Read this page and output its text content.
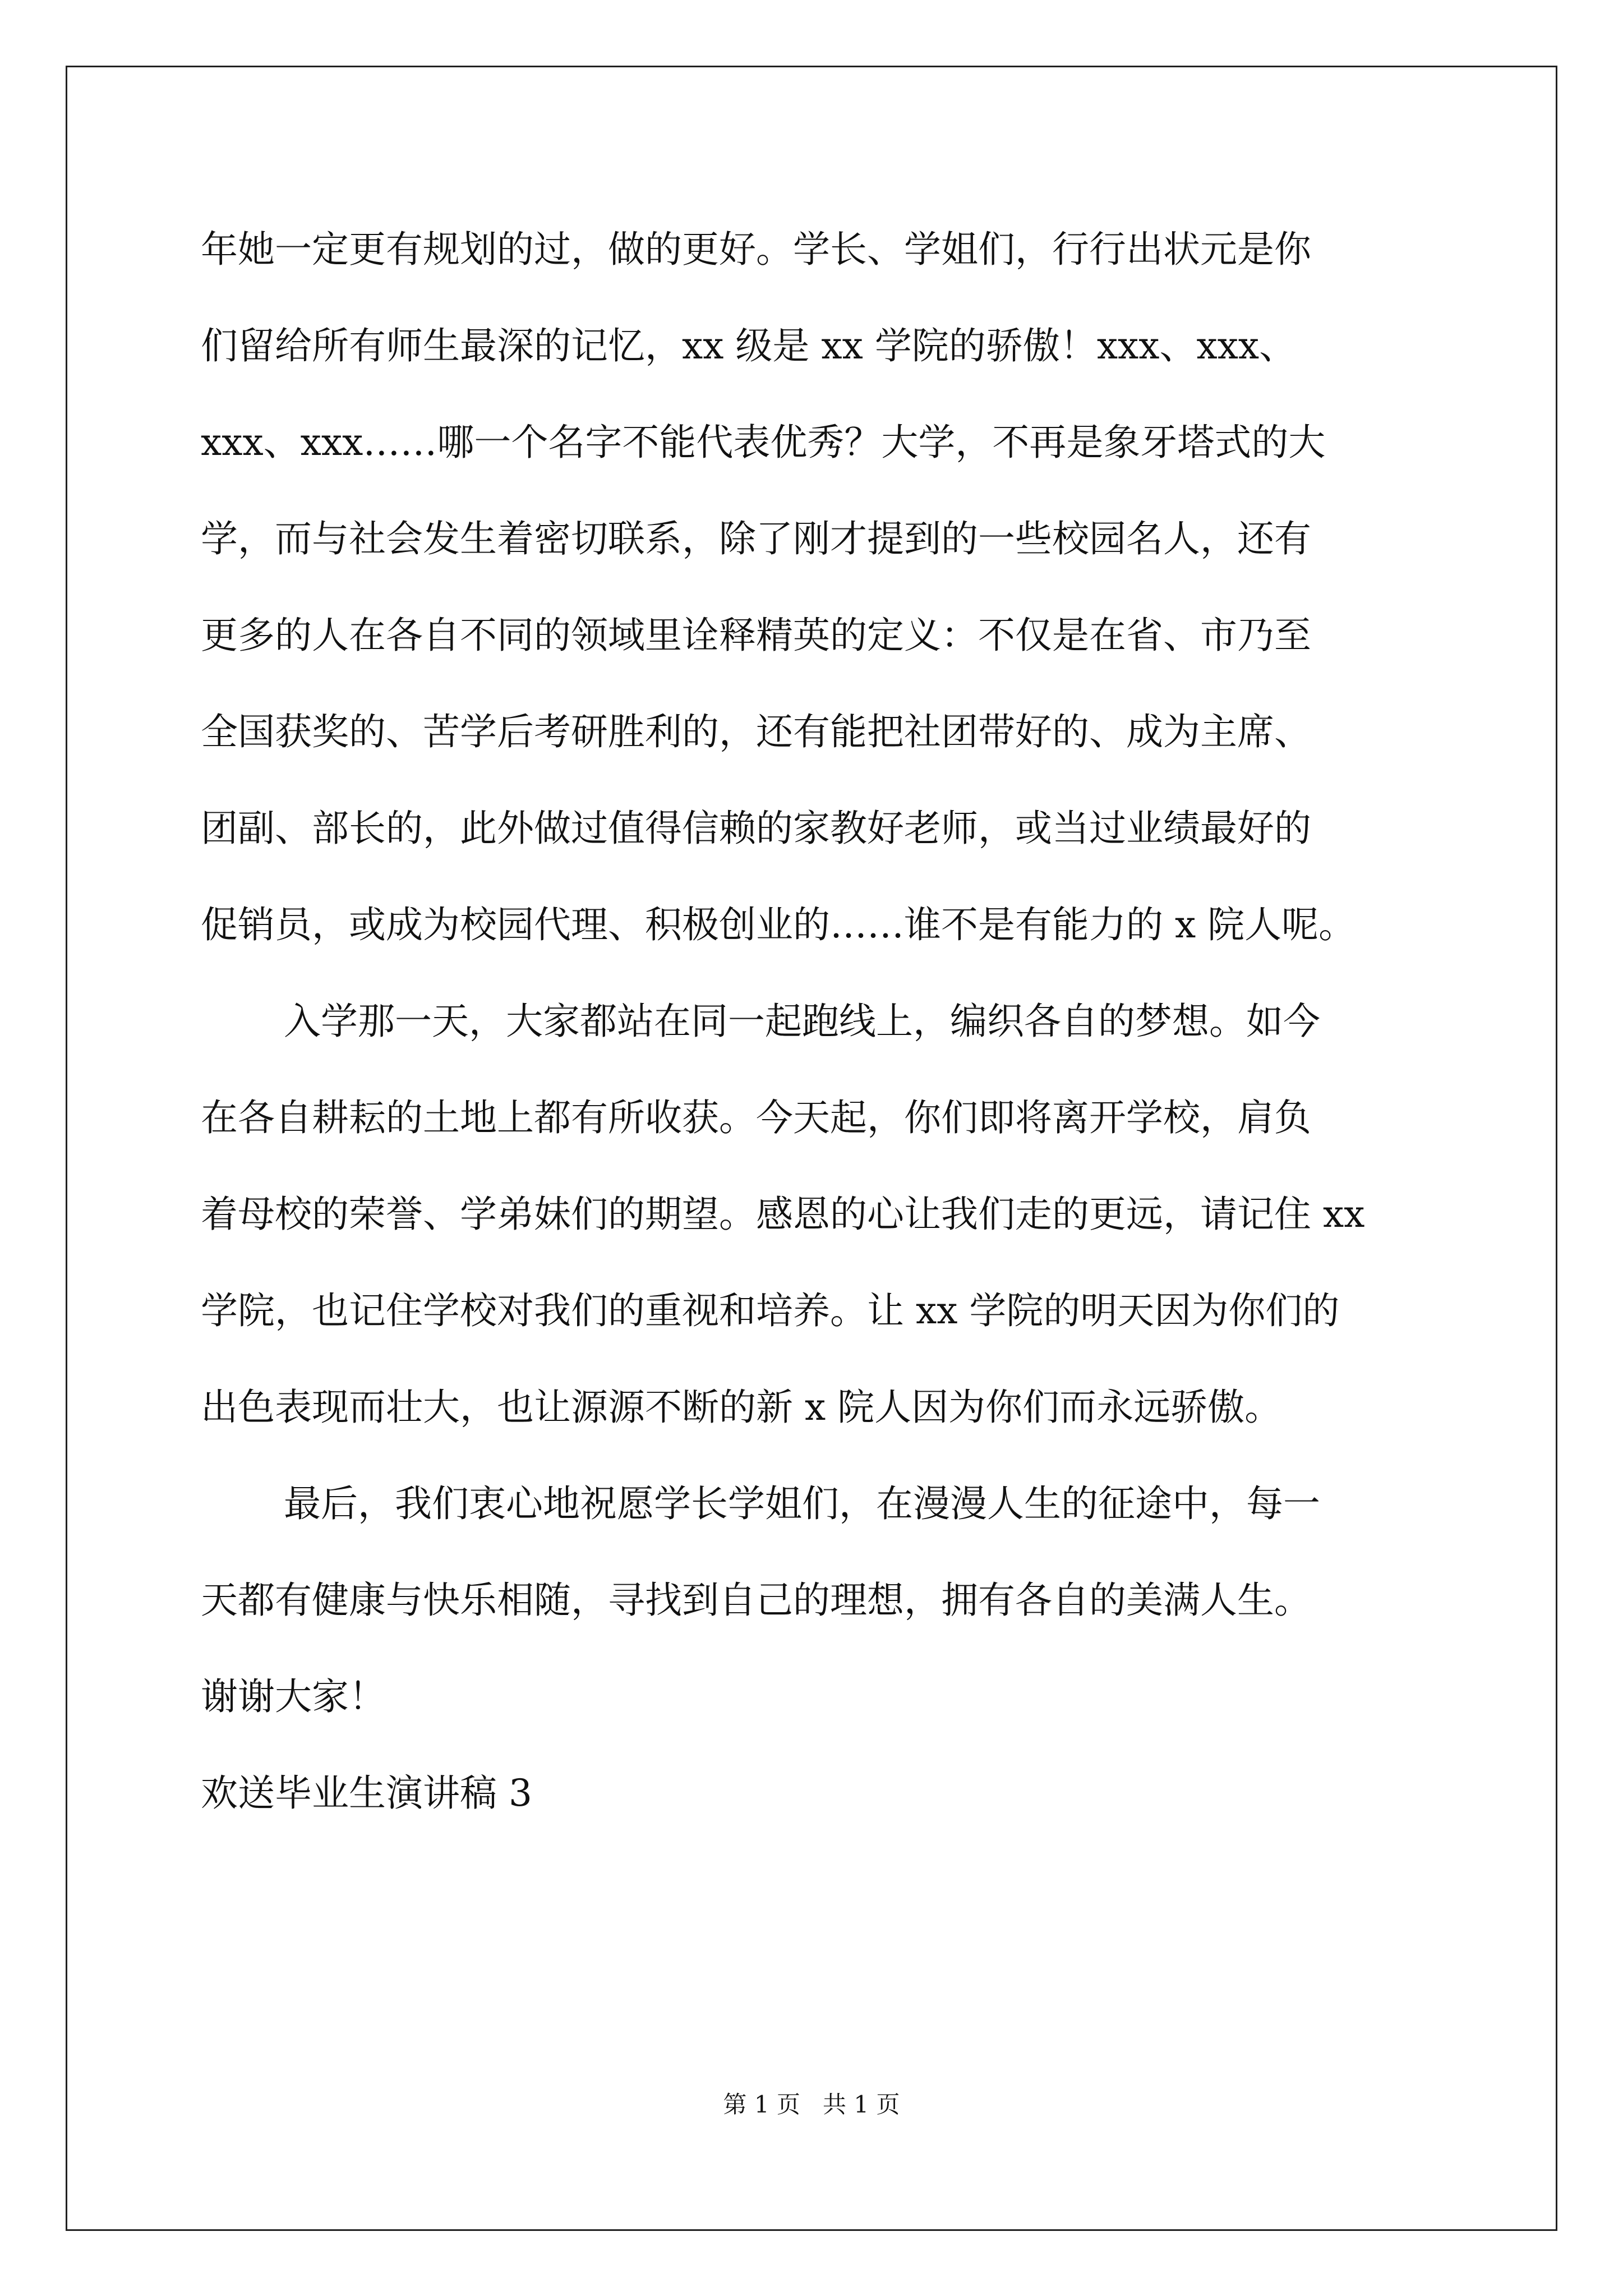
年她一定更有规划的过，做的更好。学长、学姐们，行行出状元是你
们留给所有师生最深的记忆，xx 级是 xx 学院的骄傲！xxx、xxx、
xxx、xxx……哪一个名字不能代表优秀？大学，不再是象牙塔式的大
学，而与社会发生着密切联系，除了刚才提到的一些校园名人，还有
更多的人在各自不同的领域里诠释精英的定义：不仅是在省、市乃至
全国获奖的、苦学后考研胜利的，还有能把社团带好的、成为主席、
团副、部长的，此外做过值得信赖的家教好老师，或当过业绩最好的
促销员，或成为校园代理、积极创业的……谁不是有能力的 x 院人呢。
入学那一天，大家都站在同一起跑线上，编织各自的梦想。如今
在各自耕耘的土地上都有所收获。今天起，你们即将离开学校，肩负
着母校的荣誉、学弟妹们的期望。感恩的心让我们走的更远，请记住 xx
学院，也记住学校对我们的重视和培养。让 xx 学院的明天因为你们的
出色表现而壮大，也让源源不断的新 x 院人因为你们而永远骄傲。
最后，我们衷心地祝愿学长学姐们，在漫漫人生的征途中，每一
天都有健康与快乐相随，寻找到自己的理想，拥有各自的美满人生。
谢谢大家！
欢送毕业生演讲稿 3
第 1 页   共 1 页
